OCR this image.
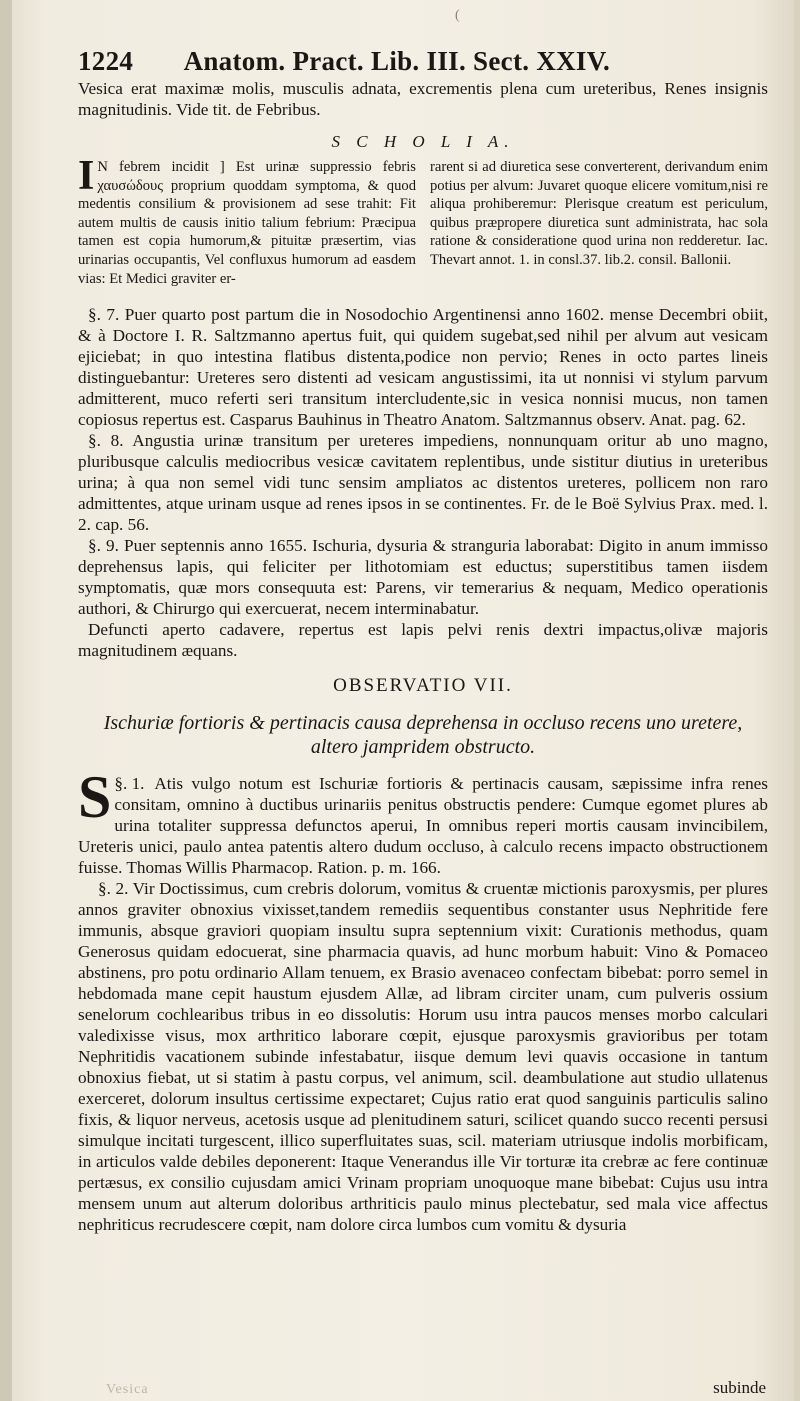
(
1224 Anatom. Pract. Lib. III. Sect. XXIV.

Vesica erat maximæ molis, musculis adnata, excrementis plena cum ureteribus, Renes insignis magnitudinis. Vide tit. de Febribus.

S C H O L I A.
I N febrem incidit ] Est urinæ suppressio febris χαυσώδους proprium quoddam symptoma, & quod medentis consilium & provisionem ad sese trahit: Fit autem multis de causis initio talium febrium: Præcipua tamen est copia humorum,& pituitæ præsertim, vias urinarias occupantis, Vel confluxus humorum ad easdem vias: Et Medici graviter er-
rarent si ad diuretica sese converterent, derivandum enim potius per alvum: Juvaret quoque elicere vomitum,nisi re aliqua prohiberemur: Plerisque creatum est periculum, quibus præpropere diuretica sunt administrata, hac sola ratione & consideratione quod urina non redderetur. Iac. Thevart annot. 1. in consl.37. lib.2. consil. Ballonii.

§. 7. Puer quarto post partum die in Nosodochio Argentinensi anno 1602. mense Decembri obiit, & à Doctore I. R. Saltzmanno apertus fuit, qui quidem sugebat,sed nihil per alvum aut vesicam ejiciebat; in quo intestina flatibus distenta,podice non pervio; Renes in octo partes lineis distinguebantur: Ureteres sero distenti ad vesicam angustissimi, ita ut nonnisi vi stylum parvum admitterent, muco referti seri transitum intercludente,sic in vesica nonnisi mucus, non tamen copiosus repertus est. Casparus Bauhinus in Theatro Anatom. Saltzmannus observ. Anat. pag. 62.

§. 8. Angustia urinæ transitum per ureteres impediens, nonnunquam oritur ab uno magno, pluribusque calculis mediocribus vesicæ cavitatem replentibus, unde sistitur diutius in ureteribus urina; à qua non semel vidi tunc sensim ampliatos ac distentos ureteres, pollicem non raro admittentes, atque urinam usque ad renes ipsos in se continentes. Fr. de le Boë Sylvius Prax. med. l. 2. cap. 56.

§. 9. Puer septennis anno 1655. Ischuria, dysuria & stranguria laborabat: Digito in anum immisso deprehensus lapis, qui feliciter per lithotomiam est eductus; superstitibus tamen iisdem symptomatis, quæ mors consequuta est: Parens, vir temerarius & nequam, Medico operationis authori, & Chirurgo qui exercuerat, necem interminabatur.

Defuncti aperto cadavere, repertus est lapis pelvi renis dextri impactus,olivæ majoris magnitudinem æquans.

OBSERVATIO VII.
Ischuriæ fortioris & pertinacis causa deprehensa in occluso recens uno uretere,
altero jampridem obstructo.

§. 1.
S	Atis vulgo notum est Ischuriæ fortioris & pertinacis causam, sæpissime infra renes consitam, omnino à ductibus urinariis penitus obstructis pendere: Cumque egomet plures ab urina totaliter suppressa defunctos aperui, In omnibus reperi mortis causam invincibilem, Ureteris unici, paulo antea patentis altero dudum occluso, à calculo recens impacto obstructionem fuisse. Thomas Willis Pharmacop. Ration. p. m. 166.

§. 2. Vir Doctissimus, cum crebris dolorum, vomitus & cruentæ mictionis paroxysmis, per plures annos graviter obnoxius vixisset,tandem remediis sequentibus constanter usus Nephritide fere immunis, absque graviori quopiam insultu supra septennium vixit: Curationis methodus, quam Generosus quidam edocuerat, sine pharmacia quavis, ad hunc morbum habuit: Vino & Pomaceo abstinens, pro potu ordinario Allam tenuem, ex Brasio avenaceo confectam bibebat: porro semel in hebdomada mane cepit haustum ejusdem Allæ, ad libram circiter unam, cum pulveris ossium senelorum cochlearibus tribus in eo dissolutis: Horum usu intra paucos menses morbo calculari valedixisse visus, mox arthritico laborare cœpit, ejusque paroxysmis gravioribus per totam Nephritidis vacationem subinde infestabatur, iisque demum levi quavis occasione in tantum obnoxius fiebat, ut si statim à pastu corpus, vel animum, scil. deambulatione aut studio ullatenus exerceret, dolorum insultus certissime expectaret; Cujus ratio erat quod sanguinis particulis salino fixis, & liquor nerveus, acetosis usque ad plenitudinem saturi, scilicet quando succo recenti persusi simulque incitati turgescent, illico superfluitates suas, scil. materiam utriusque indolis morbificam, in articulos valde debiles deponerent: Itaque Venerandus ille Vir torturæ ita crebræ ac fere continuæ pertæsus, ex consilio cujusdam amici Vrinam propriam unoquoque mane bibebat: Cujus usu intra mensem unum aut alterum doloribus arthriticis paulo minus plectebatur, sed mala vice affectus nephriticus recrudescere cœpit, nam dolore circa lumbos cum vomitu & dysuria

subinde
Vesica
